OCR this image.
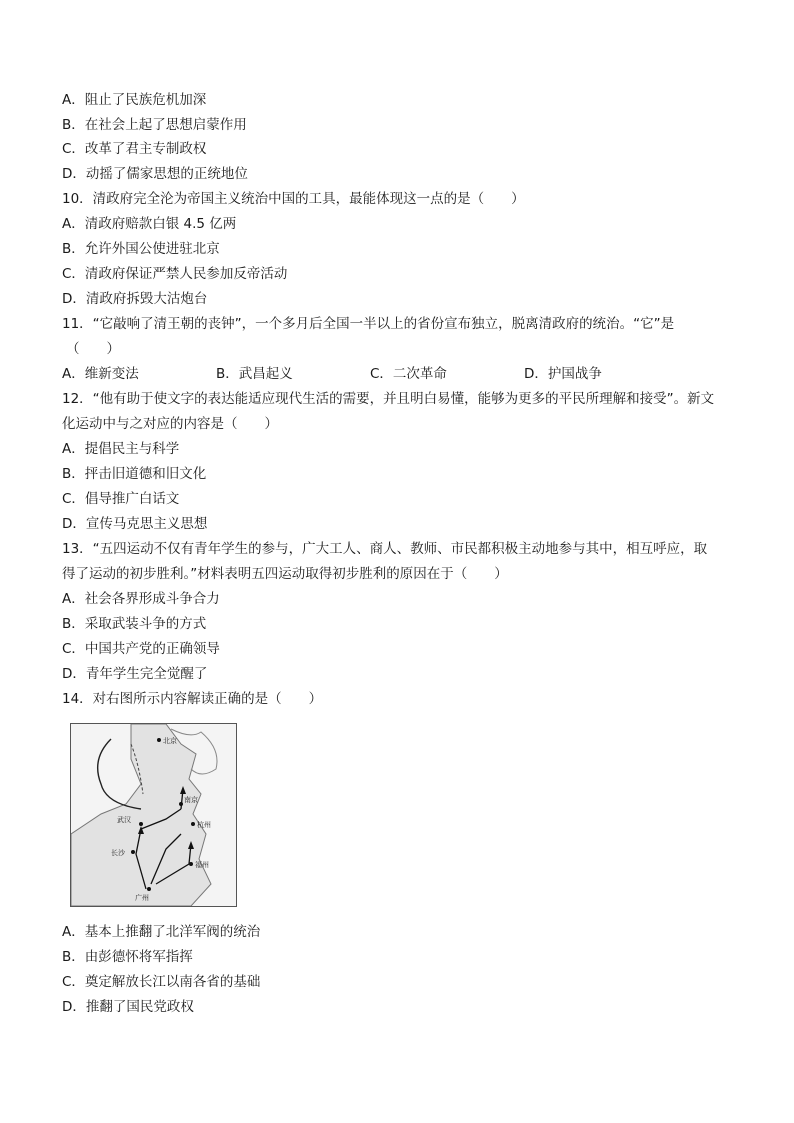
A．阻止了民族危机加深
B．在社会上起了思想启蒙作用
C．改革了君主专制政权
D．动摇了儒家思想的正统地位
10．清政府完全沦为帝国主义统治中国的工具，最能体现这一点的是（　　）
A．清政府赔款白银 4.5 亿两
B．允许外国公使进驻北京
C．清政府保证严禁人民参加反帝活动
D．清政府拆毁大沽炮台
11．“它敲响了清王朝的丧钟”，一个多月后全国一半以上的省份宣布独立，脱离清政府的统治。“它”是
（　　）
A．维新变法	B．武昌起义	C．二次革命	D．护国战争
12．“他有助于使文字的表达能适应现代生活的需要，并且明白易懂，能够为更多的平民所理解和接受”。新文
化运动中与之对应的内容是（　　）
A．提倡民主与科学
B．抨击旧道德和旧文化
C．倡导推广白话文
D．宣传马克思主义思想
13．“五四运动不仅有青年学生的参与，广大工人、商人、教师、市民都积极主动地参与其中，相互呼应，取
得了运动的初步胜利。”材料表明五四运动取得初步胜利的原因在于（　　）
A．社会各界形成斗争合力
B．采取武装斗争的方式
C．中国共产党的正确领导
D．青年学生完全觉醒了
14．对右图所示内容解读正确的是（　　）
北京
南京
武汉
长沙
杭州
福州
广州
A．基本上推翻了北洋军阀的统治
B．由彭德怀将军指挥
C．奠定解放长江以南各省的基础
D．推翻了国民党政权
